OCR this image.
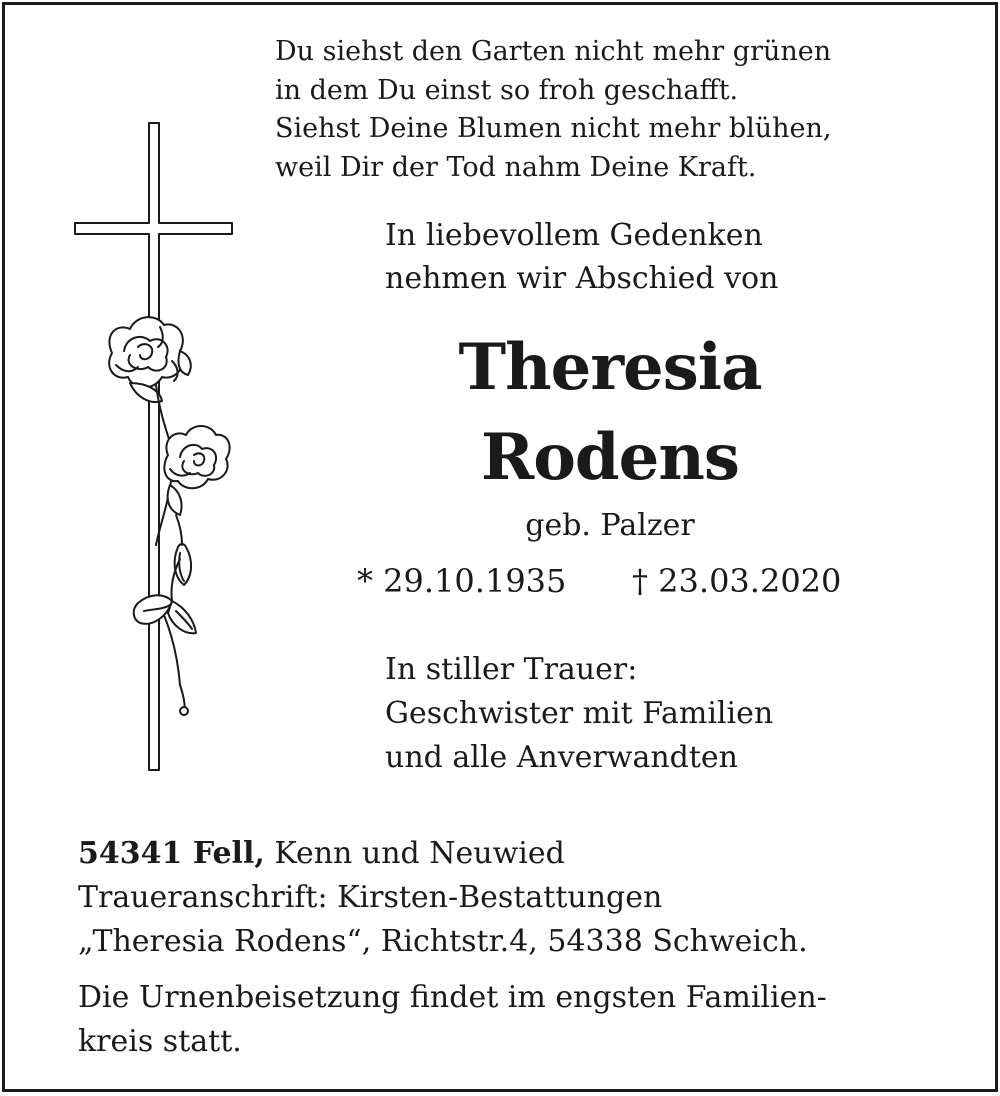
Du siehst den Garten nicht mehr grünen
in dem Du einst so froh geschafft.
Siehst Deine Blumen nicht mehr blühen,
weil Dir der Tod nahm Deine Kraft.
In liebevollem Gedenken
nehmen wir Abschied von
Theresia
Rodens
geb. Palzer
* 29.10.1935 † 23.03.2020
In stiller Trauer:
Geschwister mit Familien
und alle Anverwandten
54341 Fell, Kenn und Neuwied
Traueranschrift: Kirsten-Bestattungen
„Theresia Rodens“, Richtstr.4, 54338 Schweich.
Die Urnenbeisetzung findet im engsten Familien-
kreis statt.
